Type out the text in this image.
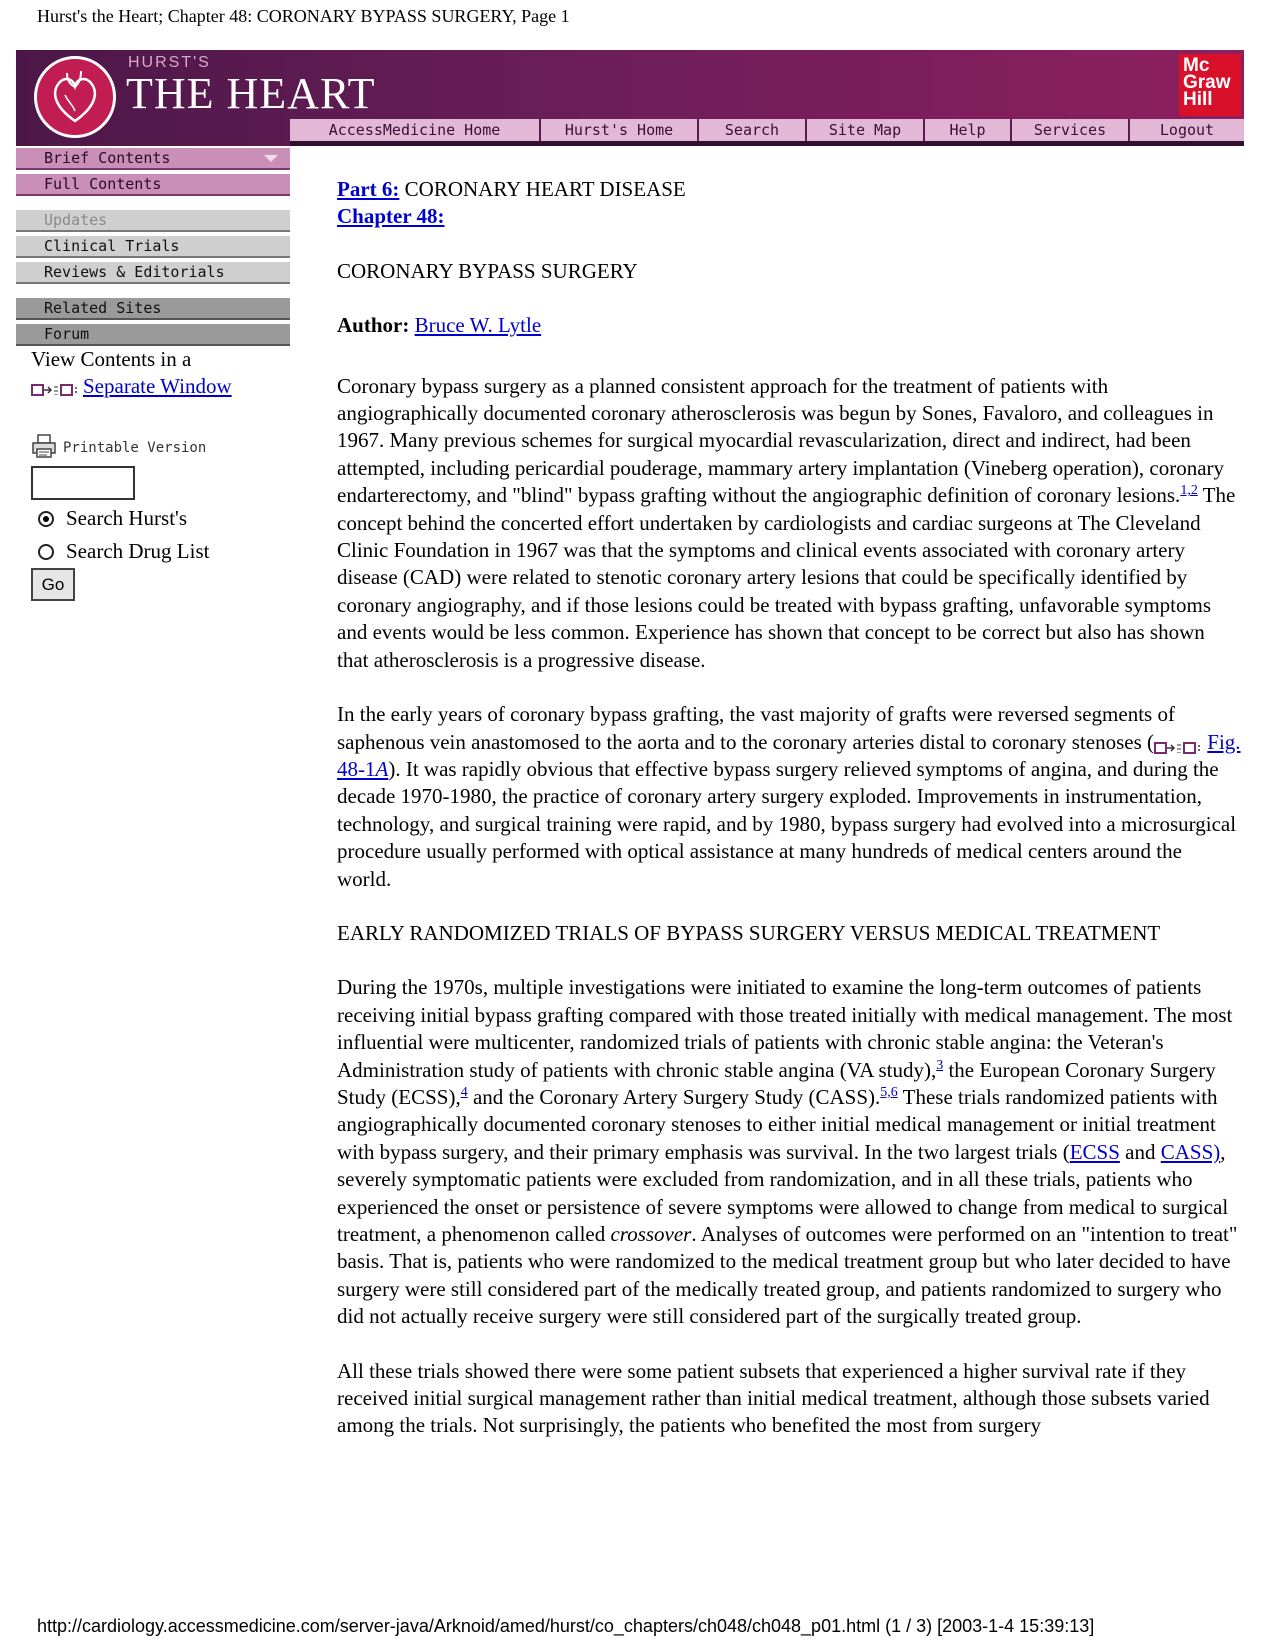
Hurst's the Heart; Chapter 48: CORONARY BYPASS SURGERY, Page 1
HURST'S
THE HEART
Mc
Graw
Hill
AccessMedicine Home	Hurst's Home	Search	Site Map	Help	Services	Logout
Brief Contents
Full Contents
Updates
Clinical Trials
Reviews & Editorials
Related Sites
Forum
View Contents in a
Separate Window
Printable Version
Search Hurst's
Search Drug List
Go

Part 6: CORONARY HEART DISEASE

Chapter 48:

CORONARY BYPASS SURGERY

Author: Bruce W. Lytle

Coronary bypass surgery as a planned consistent approach for the treatment of patients with angiographically documented coronary atherosclerosis was begun by Sones, Favaloro, and colleagues in 1967. Many previous schemes for surgical myocardial revascularization, direct and indirect, had been attempted, including pericardial pouderage, mammary artery implantation (Vineberg operation), coronary endarterectomy, and "blind" bypass grafting without the angiographic definition of coronary lesions.$^{1,2}$ The concept behind the concerted effort undertaken by cardiologists and cardiac surgeons at The Cleveland Clinic Foundation in 1967 was that the symptoms and clinical events associated with coronary artery disease (CAD) were related to stenotic coronary artery lesions that could be specifically identified by coronary angiography, and if those lesions could be treated with bypass grafting, unfavorable symptoms and events would be less common. Experience has shown that concept to be correct but also has shown that atherosclerosis is a progressive disease.

In the early years of coronary bypass grafting, the vast majority of grafts were reversed segments of saphenous vein anastomosed to the aorta and to the coronary arteries distal to coronary stenoses (	Fig. 48-1A). It was rapidly obvious that effective bypass surgery relieved symptoms of angina, and during the decade 1970-1980, the practice of coronary artery surgery exploded. Improvements in instrumentation, technology, and surgical training were rapid, and by 1980, bypass surgery had evolved into a microsurgical procedure usually performed with optical assistance at many hundreds of medical centers around the world.

EARLY RANDOMIZED TRIALS OF BYPASS SURGERY VERSUS MEDICAL TREATMENT

During the 1970s, multiple investigations were initiated to examine the long-term outcomes of patients receiving initial bypass grafting compared with those treated initially with medical management. The most influential were multicenter, randomized trials of patients with chronic stable angina: the Veteran's Administration study of patients with chronic stable angina (VA study),$^3$ the European Coronary Surgery Study (ECSS),$^4$ and the Coronary Artery Surgery Study (CASS).$^{5,6}$ These trials randomized patients with angiographically documented coronary stenoses to either initial medical management or initial treatment with bypass surgery, and their primary emphasis was survival. In the two largest trials (ECSS and CASS), severely symptomatic patients were excluded from randomization, and in all these trials, patients who experienced the onset or persistence of severe symptoms were allowed to change from medical to surgical treatment, a phenomenon called crossover. Analyses of outcomes were performed on an "intention to treat" basis. That is, patients who were randomized to the medical treatment group but who later decided to have surgery were still considered part of the medically treated group, and patients randomized to surgery who did not actually receive surgery were still considered part of the surgically treated group.

All these trials showed there were some patient subsets that experienced a higher survival rate if they received initial surgical management rather than initial medical treatment, although those subsets varied among the trials. Not surprisingly, the patients who benefited the most from surgery

http://cardiology.accessmedicine.com/server-java/Arknoid/amed/hurst/co_chapters/ch048/ch048_p01.html (1 / 3) [2003-1-4 15:39:13]
